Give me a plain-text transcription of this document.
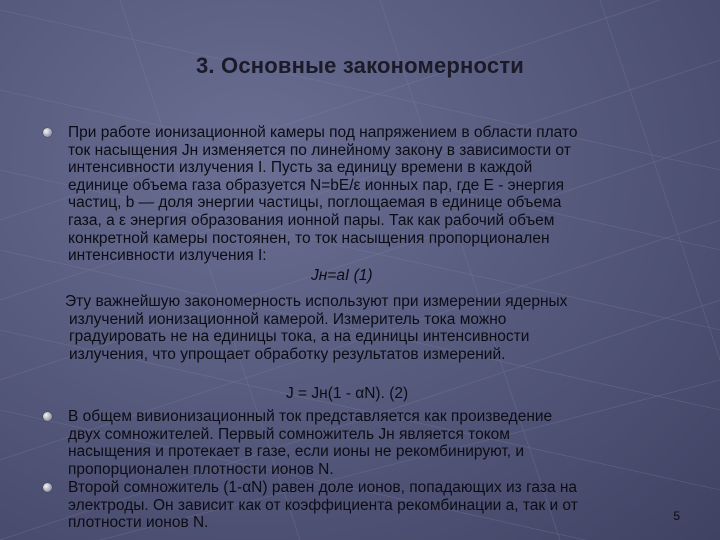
3. Основные закономерности
При работе ионизационной камеры под напряжением в области плато
ток насыщения Jн изменяется по линейному закону в зависимости от
интенсивности излучения I. Пусть за единицу времени в каждой
единице объема газа образуется N=bE/ε ионных пар, где E - энергия
частиц, b — доля энергии частицы, поглощаемая в единице объема
газа, а ε энергия образования ионной пары. Так как рабочий объем
конкретной камеры постоянен, то ток насыщения пропорционален
интенсивности излучения I:
Jн=aI (1)
Эту важнейшую закономерность используют при измерении ядерных
излучений ионизационной камерой. Измеритель тока можно
градуировать не на единицы тока, а на единицы интенсивности
излучения, что упрощает обработку результатов измерений.
J = Jн(1 - αN). (2)
В общем вивионизационный ток представляется как произведение
двух сомножителей. Первый сомножитель Jн является током
насыщения и протекает в газе, если ионы не рекомбинируют, и
пропорционален плотности ионов N.
Второй сомножитель (1-αN) равен доле ионов, попадающих из газа на
электроды. Он зависит как от коэффициента рекомбинации a, так и от
плотности ионов N.	5
